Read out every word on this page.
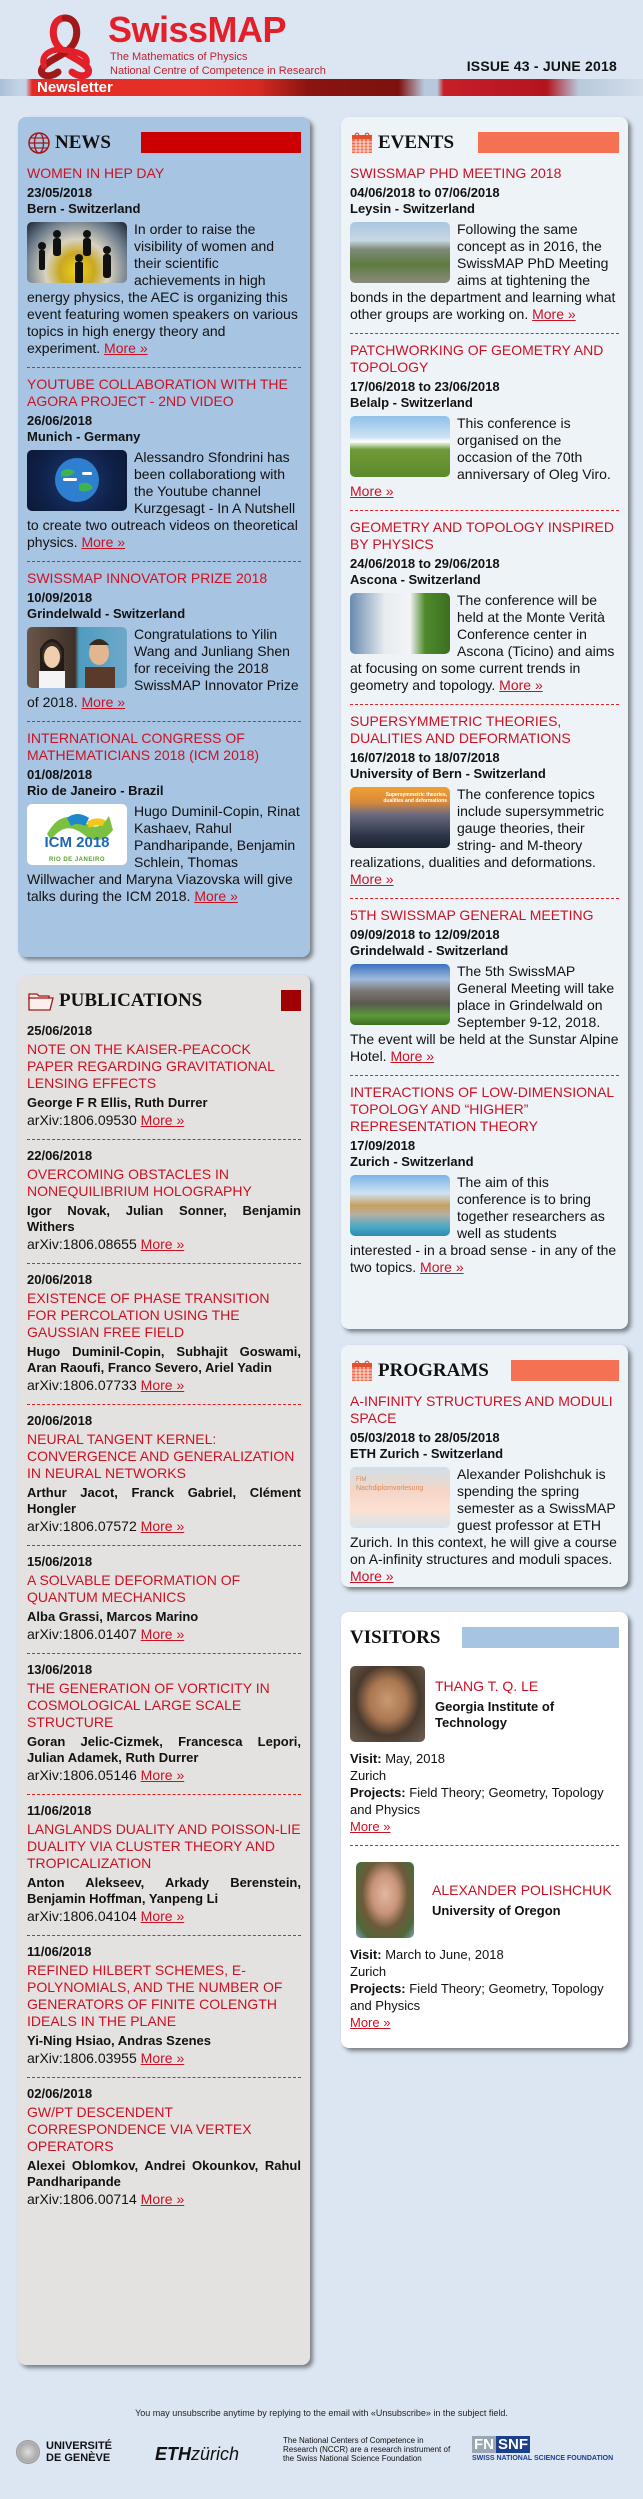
SwissMAP
The Mathematics of Physics
National Centre of Competence in Research	ISSUE 43 - JUNE 2018
Newsletter
NEWS
WOMEN IN HEP DAY
23/05/2018
Bern - Switzerland
In order to raise the visibility of women and their scientific achievements in high energy physics, the AEC is organizing this event featuring women speakers on various topics in high energy theory and experiment. More »
YOUTUBE COLLABORATION WITH THE AGORA PROJECT - 2ND VIDEO
26/06/2018
Munich - Germany
Alessandro Sfondrini has been collaborationg with the Youtube channel Kurzgesagt - In A Nutshell to create two outreach videos on theoretical physics. More »
SWISSMAP INNOVATOR PRIZE 2018
10/09/2018
Grindelwald - Switzerland
Congratulations to Yilin Wang and Junliang Shen for receiving the 2018 SwissMAP Innovator Prize of 2018. More »
INTERNATIONAL CONGRESS OF MATHEMATICIANS 2018 (ICM 2018)
01/08/2018
Rio de Janeiro - Brazil
ICM 2018
RIO DE JANEIRO
Hugo Duminil-Copin, Rinat Kashaev, Rahul Pandharipande, Benjamin Schlein, Thomas Willwacher and Maryna Viazovska will give talks during the ICM 2018. More »
PUBLICATIONS
25/06/2018
NOTE ON THE KAISER-PEACOCK PAPER REGARDING GRAVITATIONAL LENSING EFFECTS
George F R Ellis, Ruth Durrer
arXiv:1806.09530 More »
22/06/2018
OVERCOMING OBSTACLES IN NONEQUILIBRIUM HOLOGRAPHY
Igor Novak, Julian Sonner, Benjamin Withers
arXiv:1806.08655 More »
20/06/2018
EXISTENCE OF PHASE TRANSITION FOR PERCOLATION USING THE GAUSSIAN FREE FIELD
Hugo Duminil-Copin, Subhajit Goswami, Aran Raoufi, Franco Severo, Ariel Yadin
arXiv:1806.07733 More »
20/06/2018
NEURAL TANGENT KERNEL: CONVERGENCE AND GENERALIZATION IN NEURAL NETWORKS
Arthur Jacot, Franck Gabriel, Clément Hongler
arXiv:1806.07572 More »
15/06/2018
A SOLVABLE DEFORMATION OF QUANTUM MECHANICS
Alba Grassi, Marcos Marino
arXiv:1806.01407 More »
13/06/2018
THE GENERATION OF VORTICITY IN COSMOLOGICAL LARGE SCALE STRUCTURE
Goran Jelic-Cizmek, Francesca Lepori, Julian Adamek, Ruth Durrer
arXiv:1806.05146 More »
11/06/2018
LANGLANDS DUALITY AND POISSON-LIE DUALITY VIA CLUSTER THEORY AND TROPICALIZATION
Anton Alekseev, Arkady Berenstein, Benjamin Hoffman, Yanpeng Li
arXiv:1806.04104 More »
11/06/2018
REFINED HILBERT SCHEMES, E-POLYNOMIALS, AND THE NUMBER OF GENERATORS OF FINITE COLENGTH IDEALS IN THE PLANE
Yi-Ning Hsiao, Andras Szenes
arXiv:1806.03955 More »
02/06/2018
GW/PT DESCENDENT CORRESPONDENCE VIA VERTEX OPERATORS
Alexei Oblomkov, Andrei Okounkov, Rahul Pandharipande
arXiv:1806.00714 More »
EVENTS
SWISSMAP PHD MEETING 2018
04/06/2018 to 07/06/2018
Leysin - Switzerland
Following the same concept as in 2016, the SwissMAP PhD Meeting aims at tightening the bonds in the department and learning what other groups are working on. More »
PATCHWORKING OF GEOMETRY AND TOPOLOGY
17/06/2018 to 23/06/2018
Belalp - Switzerland
This conference is organised on the occasion of the 70th anniversary of Oleg Viro. More »
GEOMETRY AND TOPOLOGY INSPIRED BY PHYSICS
24/06/2018 to 29/06/2018
Ascona - Switzerland
The conference will be held at the Monte Verità Conference center in Ascona (Ticino) and aims at focusing on some current trends in geometry and topology. More »
SUPERSYMMETRIC THEORIES, DUALITIES AND DEFORMATIONS
16/07/2018 to 18/07/2018
University of Bern - Switzerland
Supersymmetric theories, dualities and deformations The conference topics include supersymmetric gauge theories, their string- and M-theory realizations, dualities and deformations. More »
5TH SWISSMAP GENERAL MEETING
09/09/2018 to 12/09/2018
Grindelwald - Switzerland
The 5th SwissMAP General Meeting will take place in Grindelwald on September 9-12, 2018. The event will be held at the Sunstar Alpine Hotel. More »
INTERACTIONS OF LOW-DIMENSIONAL TOPOLOGY AND “HIGHER” REPRESENTATION THEORY
17/09/2018
Zurich - Switzerland
The aim of this conference is to bring together researchers as well as students interested - in a broad sense - in any of the two topics. More »
PROGRAMS
A-INFINITY STRUCTURES AND MODULI SPACE
05/03/2018 to 28/05/2018
ETH Zurich - Switzerland
FIM
Nachdiplomvorlesung
Alexander Polishchuk is spending the spring semester as a SwissMAP guest professor at ETH Zurich. In this context, he will give a course on A-infinity structures and moduli spaces. More »
VISITORS
THANG T. Q. LE
Georgia Institute of Technology
Visit: May, 2018
Zurich
Projects: Field Theory; Geometry, Topology and Physics
More »
ALEXANDER POLISHCHUK
University of Oregon
Visit: March to June, 2018
Zurich
Projects: Field Theory; Geometry, Topology and Physics
More »
You may unsubscribe anytime by replying to the email with «Unsubscribe» in the subject field.
UNIVERSITÉ
DE GENÈVE ETHzürich
The National Centers of Competence in Research (NCCR) are a research instrument of the Swiss National Science Foundation
FN SNF
SWISS NATIONAL SCIENCE FOUNDATION
